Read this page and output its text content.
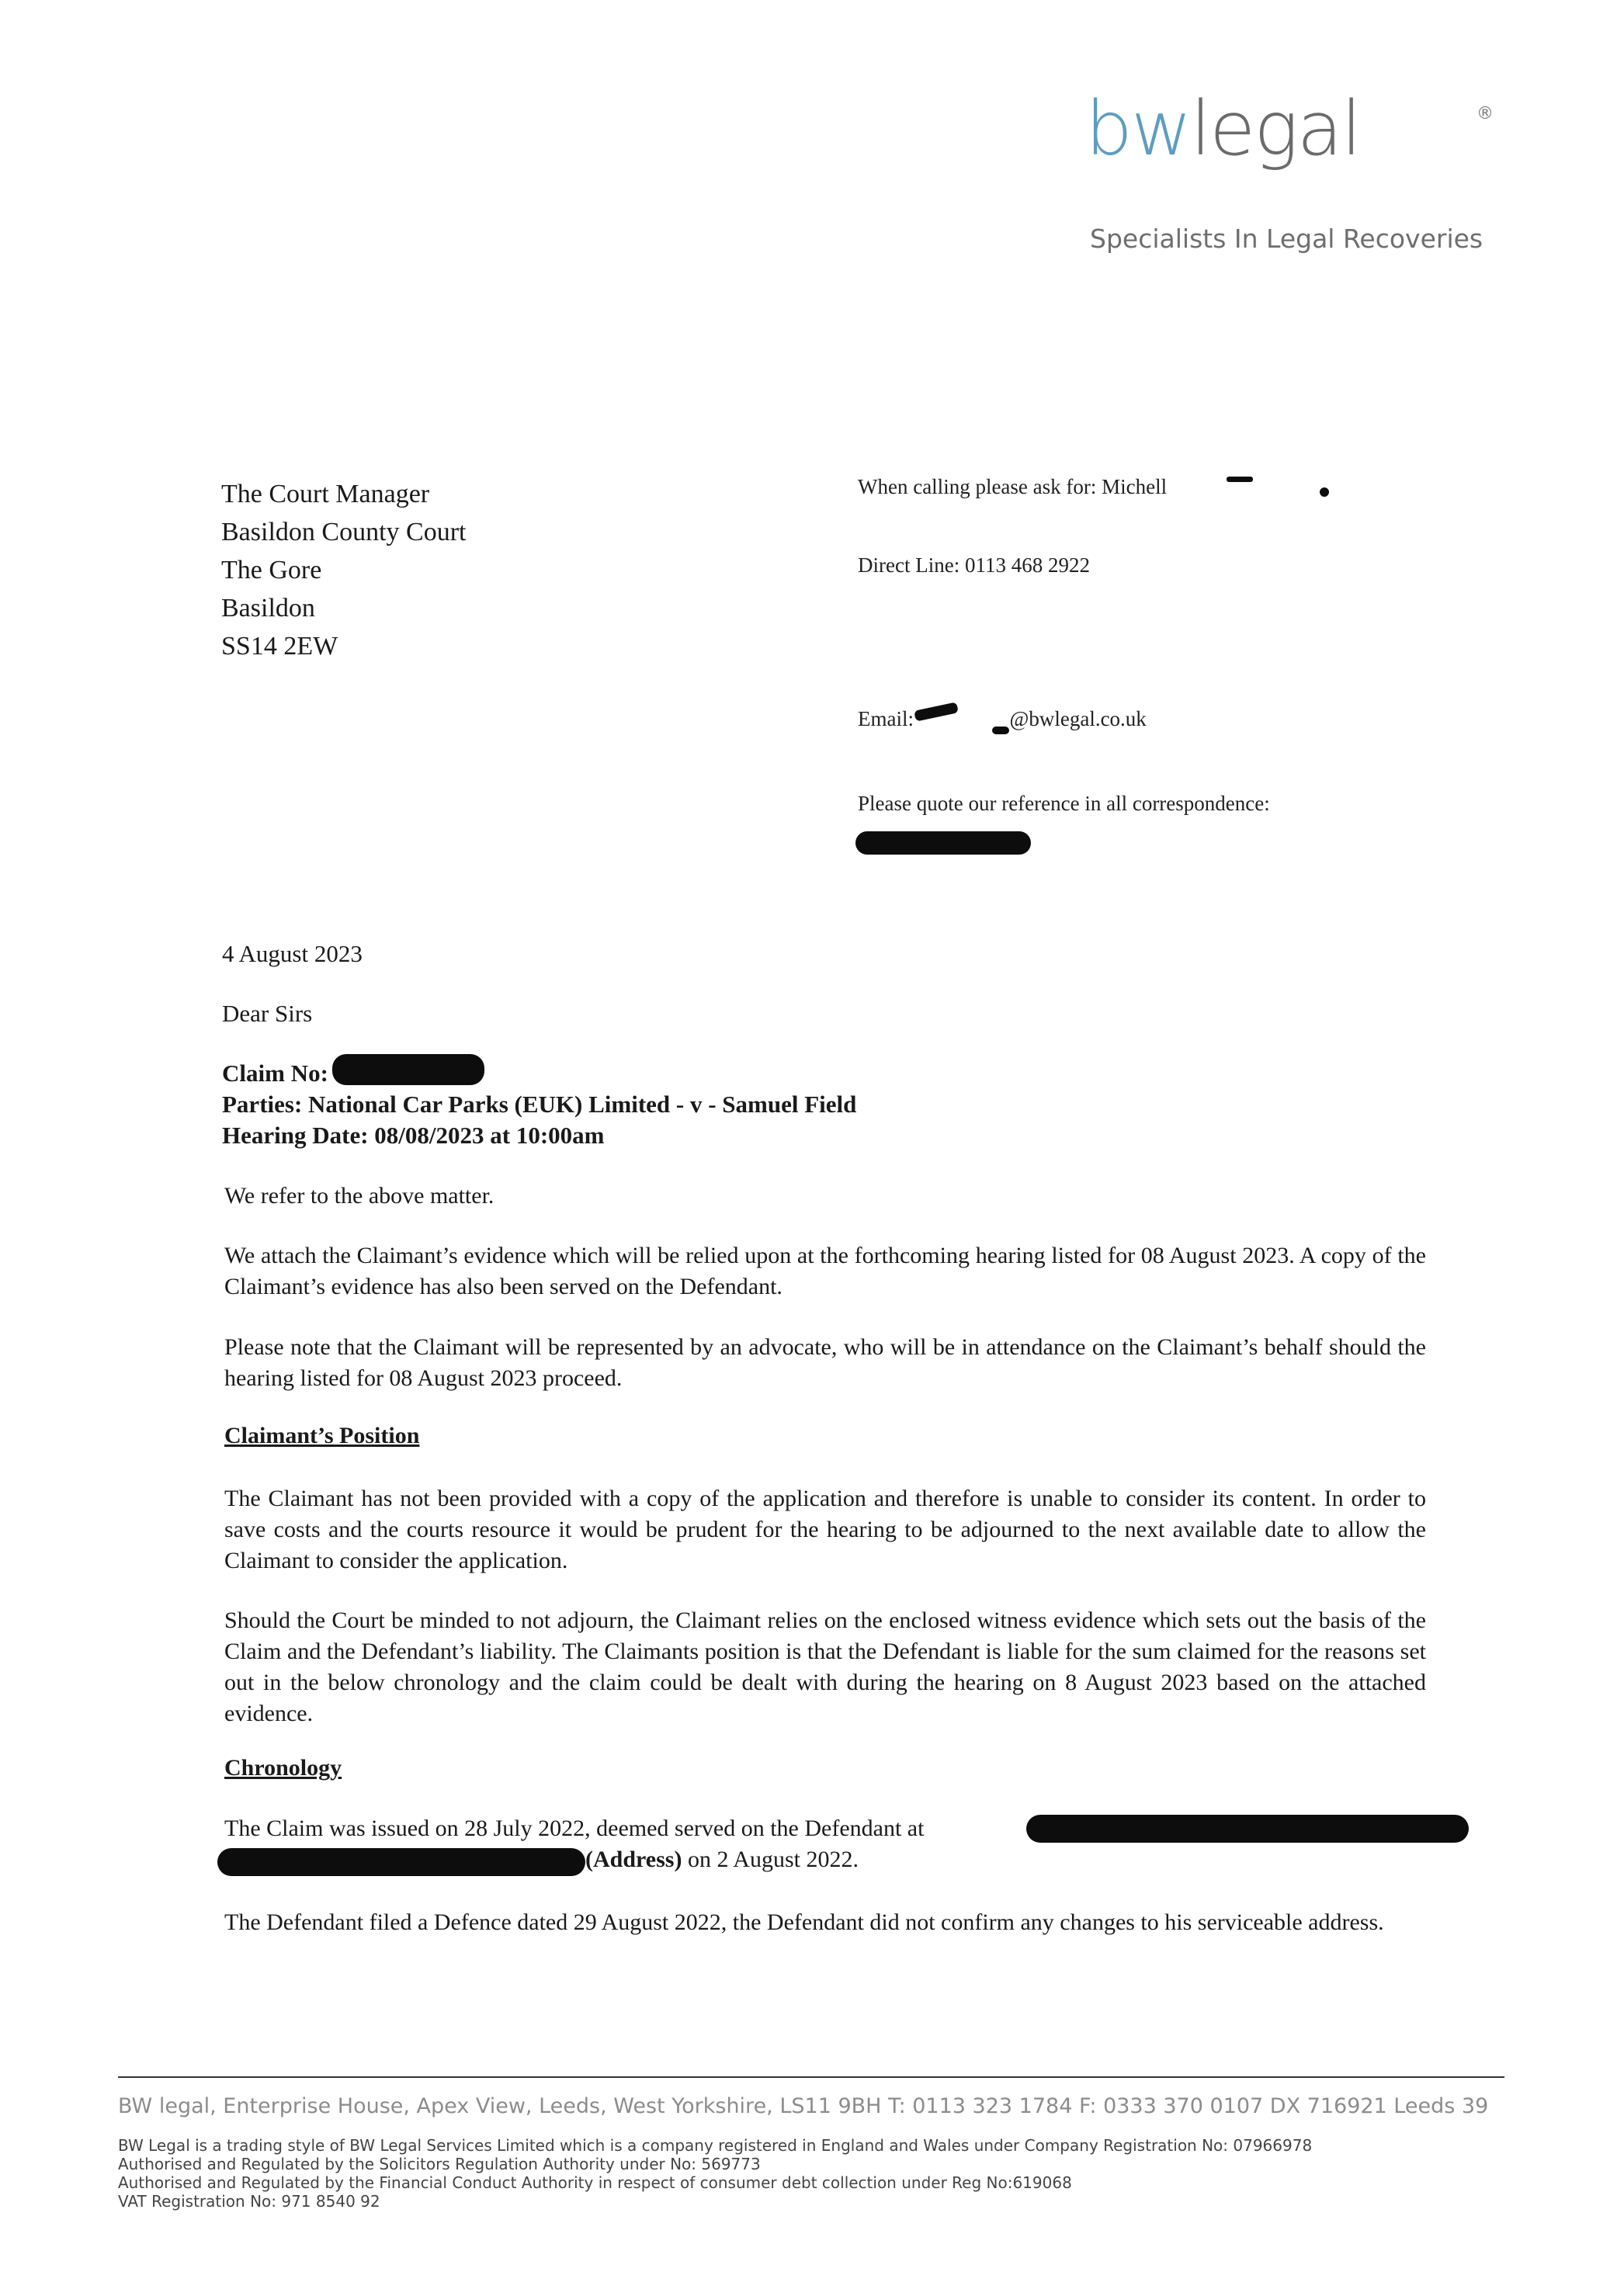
bwlegal	®
Specialists In Legal Recoveries
The Court Manager
Basildon County Court
The Gore
Basildon
SS14 2EW
When calling please ask for: Michell
Direct Line: 0113 468 2922
Email:	@bwlegal.co.uk
Please quote our reference in all correspondence:
4 August 2023
Dear Sirs
Claim No:
Parties: National Car Parks (EUK) Limited - v - Samuel Field
Hearing Date: 08/08/2023 at 10:00am
We refer to the above matter.
We attach the Claimant’s evidence which will be relied upon at the forthcoming hearing listed for 08 August 2023. A copy of the Claimant’s evidence has also been served on the Defendant.
Please note that the Claimant will be represented by an advocate, who will be in attendance on the Claimant’s behalf should the hearing listed for 08 August 2023 proceed.
Claimant’s Position
The Claimant has not been provided with a copy of the application and therefore is unable to consider its content. In order to save costs and the courts resource it would be prudent for the hearing to be adjourned to the next available date to allow the Claimant to consider the application.
Should the Court be minded to not adjourn, the Claimant relies on the enclosed witness evidence which sets out the basis of the Claim and the Defendant’s liability. The Claimants position is that the Defendant is liable for the sum claimed for the reasons set out in the below chronology and the claim could be dealt with during the hearing on 8 August 2023 based on the attached evidence.
Chronology
The Claim was issued on 28 July 2022, deemed served on the Defendant at
(Address) on 2 August 2022.
The Defendant filed a Defence dated 29 August 2022, the Defendant did not confirm any changes to his serviceable address.
BW legal, Enterprise House, Apex View, Leeds, West Yorkshire, LS11 9BH T: 0113 323 1784 F: 0333 370 0107 DX 716921 Leeds 39
BW Legal is a trading style of BW Legal Services Limited which is a company registered in England and Wales under Company Registration No: 07966978
Authorised and Regulated by the Solicitors Regulation Authority under No: 569773
Authorised and Regulated by the Financial Conduct Authority in respect of consumer debt collection under Reg No:619068
VAT Registration No: 971 8540 92
